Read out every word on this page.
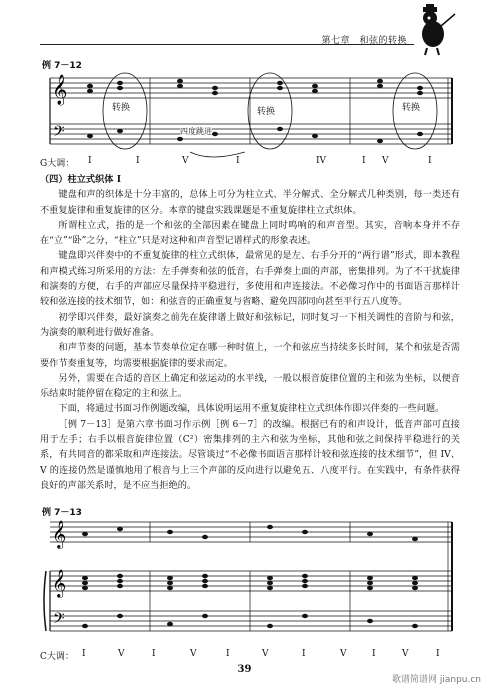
第七章　和弦的转换
例 7－12
𝄞
𝄢
转换	转换	转换
四度跳进
G大调： I	I	V	I	IV	I V	I

（四）柱立式织体 I

键盘和声的织体是十分丰富的，总体上可分为柱立式、半分解式、全分解式几种类别，每一类还有不重复旋律和重复旋律的区分。本章的键盘实践课题是不重复旋律柱立式织体。

所谓柱立式，指的是一个和弦的全部因素在键盘上同时鸣响的和声音型。其实，音响本身并不存在“立”“卧”之分，“柱立”只是对这种和声音型记谱样式的形象表述。

键盘即兴伴奏中的不重复旋律的柱立式织体，最常见的是左、右手分开的“两行谱”形式，即本教程和声模式练习所采用的方法：左手弹奏和弦的低音，右手弹奏上面的声部，密集排列。为了不干扰旋律和演奏的方便，右手的声部应尽量保持平稳进行，多使用和声连接法。不必像习作中的书面语言那样计较和弦连接的技术细节，如：和弦音的正确重复与省略、避免四部同向甚至平行五八度等。

初学即兴伴奏，最好演奏之前先在旋律谱上做好和弦标记，同时复习一下相关调性的音阶与和弦，为演奏的顺利进行做好准备。

和声节奏的问题，基本节奏单位定在哪一种时值上，一个和弦应当持续多长时间，某个和弦是否需要作节奏重复等，均需要根据旋律的要求而定。

另外，需要在合适的音区上确定和弦运动的水平线，一般以根音旋律位置的主和弦为坐标，以便音乐结束时能停留在稳定的主和弦上。

下面，将通过书面习作例题改编，具体说明运用不重复旋律柱立式织体作即兴伴奏的一些问题。

［例 7－13］是第六章书面习作示例［例 6－7］的改编。根据已有的和声设计，低音声部可直接用于左手；右手以根音旋律位置（C²）密集排列的主六和弦为坐标，其他和弦之间保持平稳进行的关系，有共同音的都采取和声连接法。尽管谈过“不必像书面语言那样计较和弦连接的技术细节”，但 IV、V 的连接仍然是谨慎地用了根音与上三个声部的反向进行以避免五、八度平行。在实践中，有条件获得良好的声部关系时，是不应当拒绝的。

例 7－13
𝄞
𝄞
𝄢
C大调： I	V	I	V	I	V	I	V	I	V	I
39
歌谱简谱网 jianpu.cn
